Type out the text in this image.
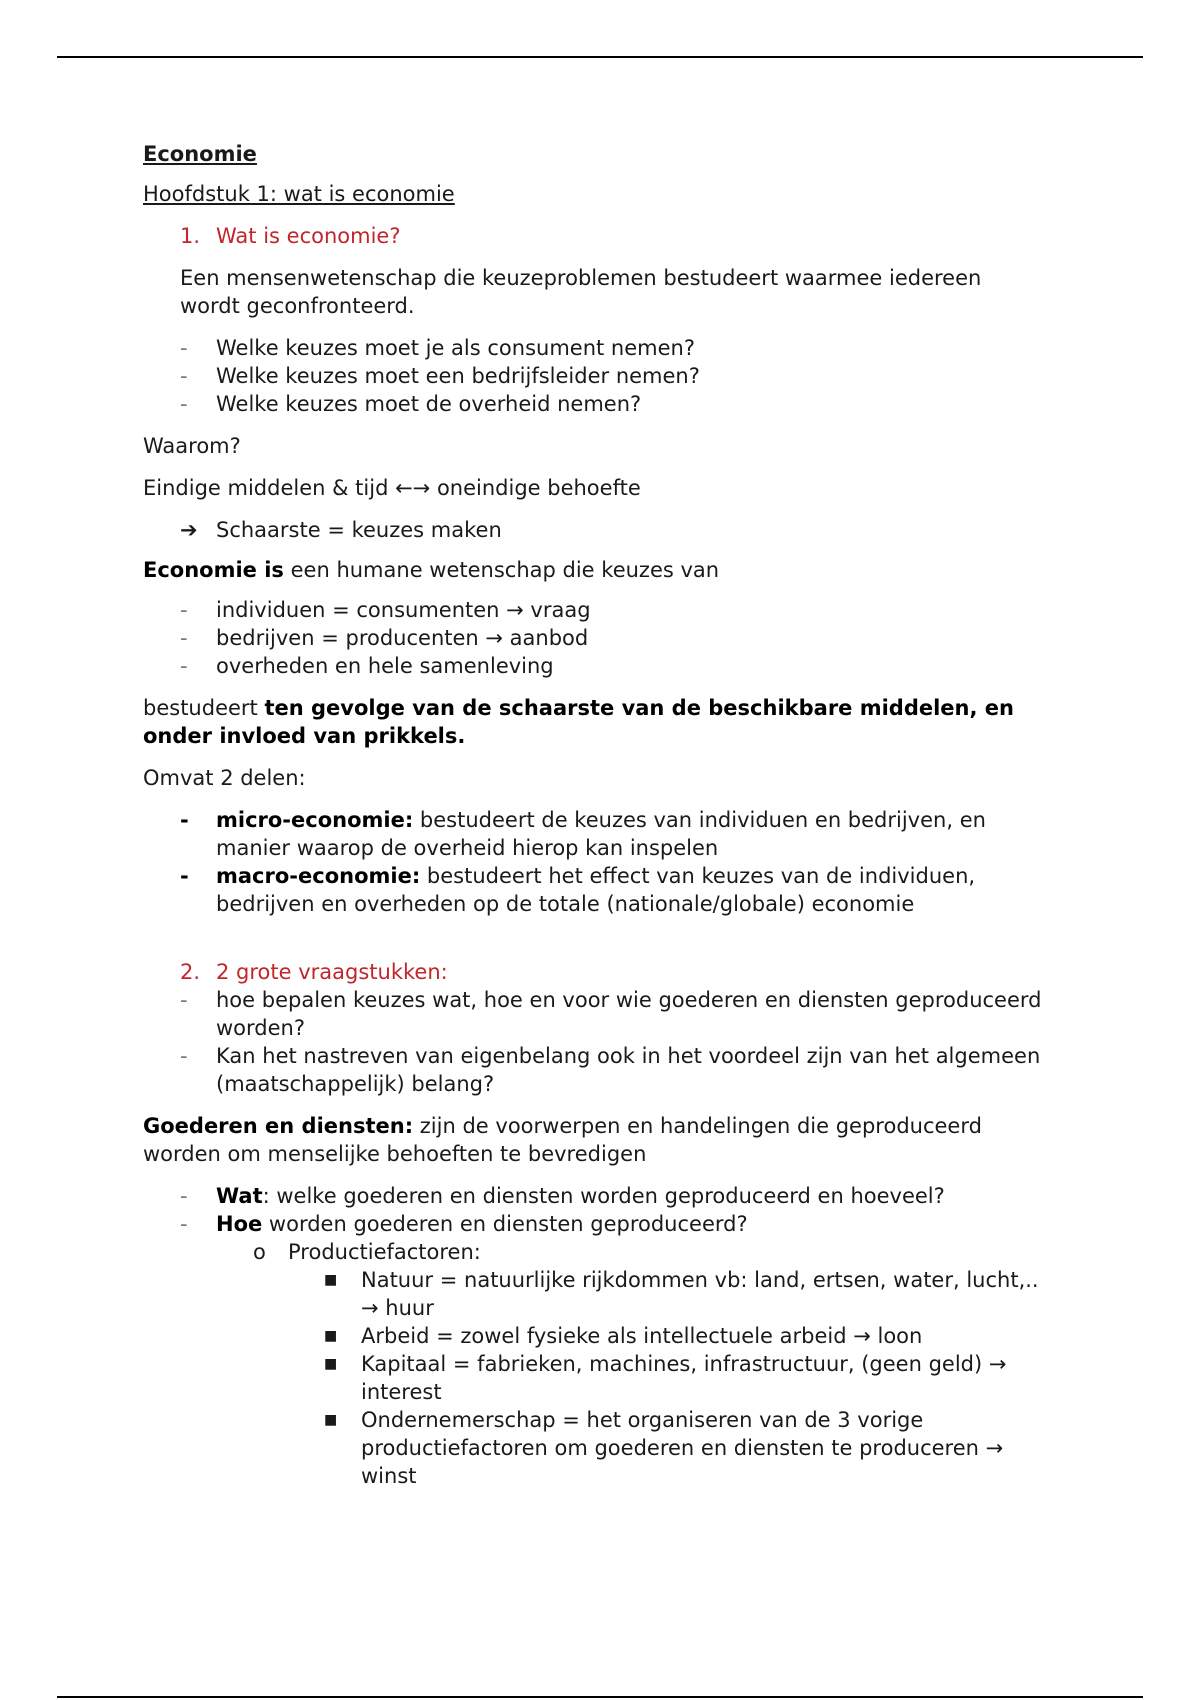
Economie
Hoofdstuk 1: wat is economie
1. Wat is economie?
Een mensenwetenschap die keuzeproblemen bestudeert waarmee iedereen wordt geconfronteerd.
- Welke keuzes moet je als consument nemen?
- Welke keuzes moet een bedrijfsleider nemen?
- Welke keuzes moet de overheid nemen?
Waarom?
Eindige middelen & tijd ←→ oneindige behoefte
➔ Schaarste = keuzes maken
Economie is een humane wetenschap die keuzes van
- individuen = consumenten → vraag
- bedrijven = producenten → aanbod
- overheden en hele samenleving
bestudeert ten gevolge van de schaarste van de beschikbare middelen, en onder invloed van prikkels.
Omvat 2 delen:
- micro-economie: bestudeert de keuzes van individuen en bedrijven, en manier waarop de overheid hierop kan inspelen
- macro-economie: bestudeert het effect van keuzes van de individuen, bedrijven en overheden op de totale (nationale/globale) economie
2. 2 grote vraagstukken:
- hoe bepalen keuzes wat, hoe en voor wie goederen en diensten geproduceerd worden?
- Kan het nastreven van eigenbelang ook in het voordeel zijn van het algemeen (maatschappelijk) belang?
Goederen en diensten: zijn de voorwerpen en handelingen die geproduceerd worden om menselijke behoeften te bevredigen
- Wat: welke goederen en diensten worden geproduceerd en hoeveel?
- Hoe worden goederen en diensten geproduceerd?
o Productiefactoren:
■ Natuur = natuurlijke rijkdommen vb: land, ertsen, water, lucht,.. → huur
■ Arbeid = zowel fysieke als intellectuele arbeid → loon
■ Kapitaal = fabrieken, machines, infrastructuur, (geen geld) → interest
■ Ondernemerschap = het organiseren van de 3 vorige productiefactoren om goederen en diensten te produceren → winst
